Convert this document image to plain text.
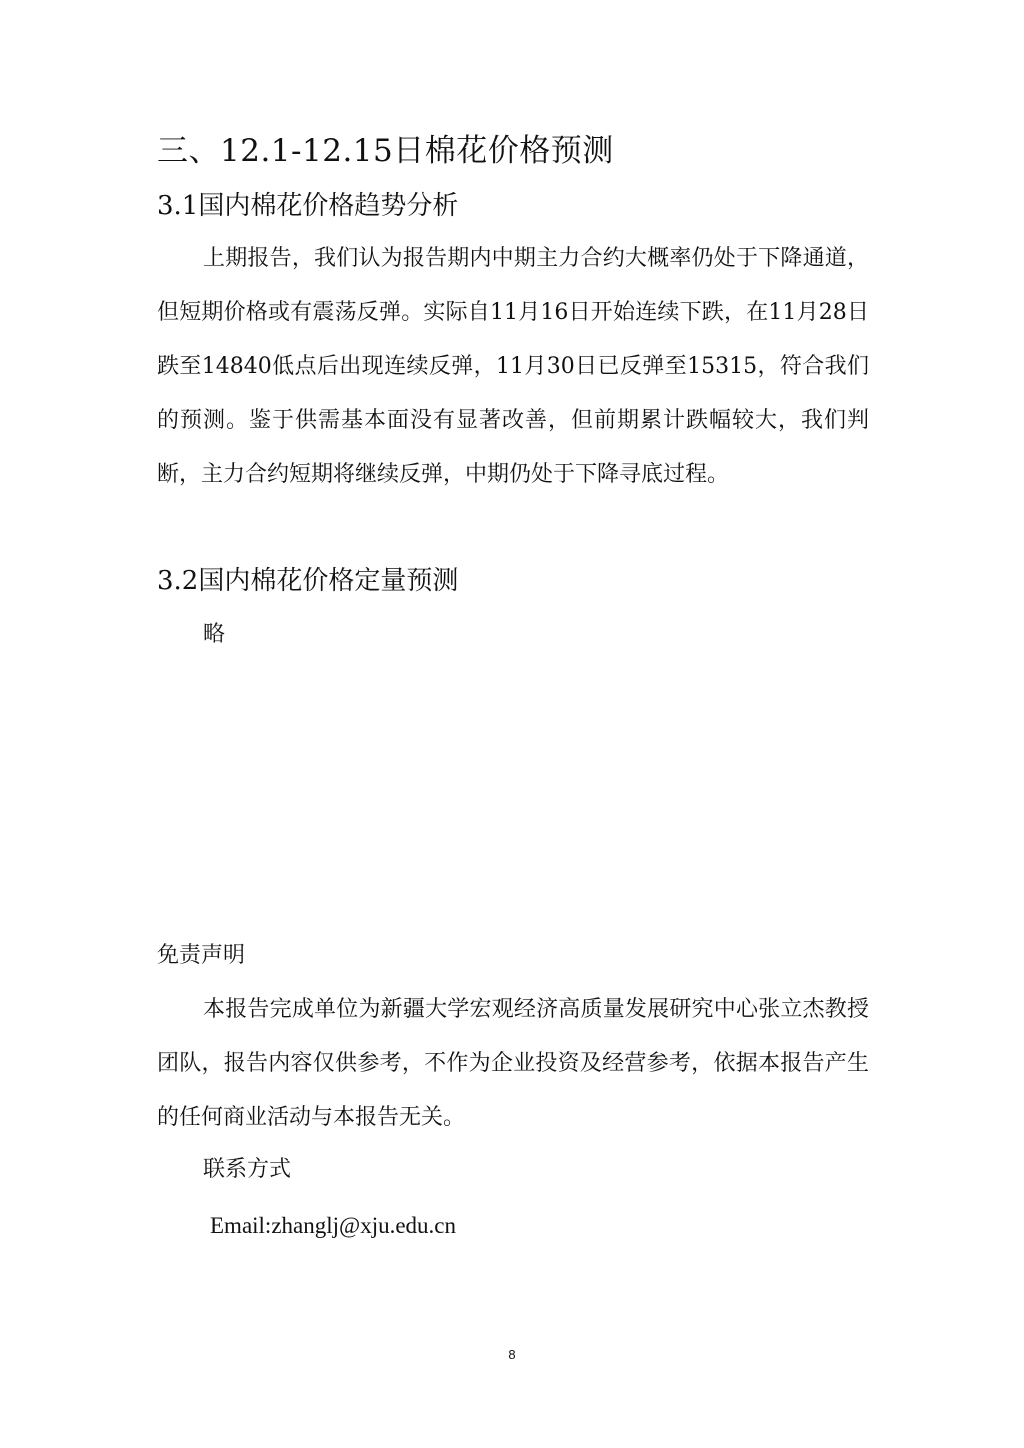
三、12.1-12.15日棉花价格预测
3.1国内棉花价格趋势分析

上期报告，我们认为报告期内中期主力合约大概率仍处于下降通道，但短期价格或有震荡反弹。实际自11月16日开始连续下跌，在11月28日跌至14840低点后出现连续反弹，11月30日已反弹至15315，符合我们的预测。鉴于供需基本面没有显著改善，但前期累计跌幅较大，我们判断，主力合约短期将继续反弹，中期仍处于下降寻底过程。

3.2国内棉花价格定量预测
略
免责声明

本报告完成单位为新疆大学宏观经济高质量发展研究中心张立杰教授团队，报告内容仅供参考，不作为企业投资及经营参考，依据本报告产生的任何商业活动与本报告无关。

联系方式
Email:zhanglj@xju.edu.cn
8
